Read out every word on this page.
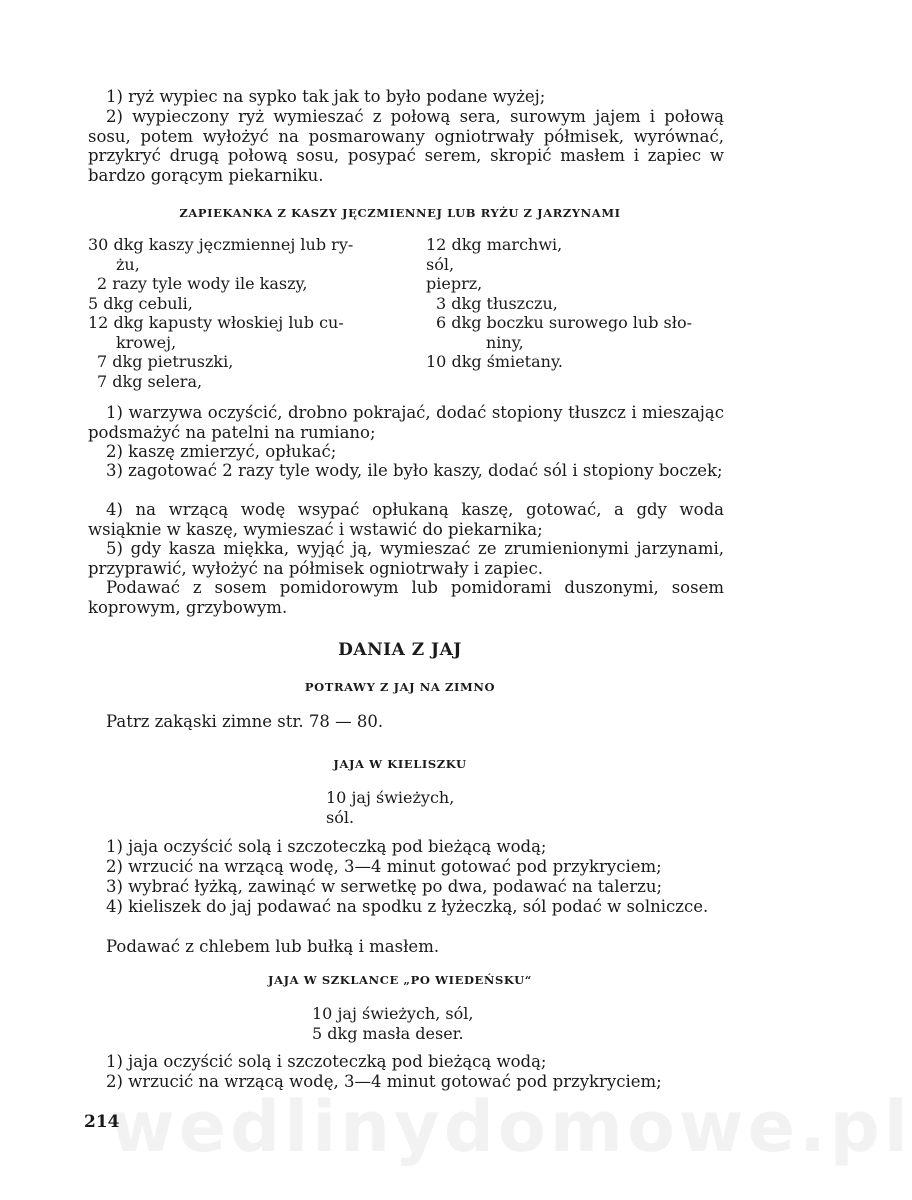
1) ryż wypiec na sypko tak jak to było podane wyżej;

2) wypieczony ryż wymieszać z połową sera, surowym jajem i połową sosu, potem wyłożyć na posmarowany ogniotrwały półmisek, wyrównać, przykryć drugą połową sosu, posypać serem, skropić masłem i zapiec w bardzo gorącym piekarniku.

ZAPIEKANKA Z KASZY JĘCZMIENNEJ LUB RYŻU Z JARZYNAMI
30 dkg kaszy jęczmiennej lub ry-
żu,
2 razy tyle wody ile kaszy,
5 dkg cebuli,
12 dkg kapusty włoskiej lub cu-
krowej,
7 dkg pietruszki,
7 dkg selera,
12 dkg marchwi,
sól,
pieprz,
3 dkg tłuszczu,
6 dkg boczku surowego lub sło-
niny,
10 dkg śmietany.

1) warzywa oczyścić, drobno pokrajać, dodać stopiony tłuszcz i mieszając podsmażyć na patelni na rumiano;

2) kaszę zmierzyć, opłukać;

3) zagotować 2 razy tyle wody, ile było kaszy, dodać sól i stopiony boczek;

4) na wrzącą wodę wsypać opłukaną kaszę, gotować, a gdy woda wsiąknie w kaszę, wymieszać i wstawić do piekarnika;

5) gdy kasza miękka, wyjąć ją, wymieszać ze zrumienionymi jarzynami, przyprawić, wyłożyć na półmisek ogniotrwały i zapiec.

Podawać z sosem pomidorowym lub pomidorami duszonymi, sosem koprowym, grzybowym.

DANIA Z JAJ
POTRAWY Z JAJ NA ZIMNO

Patrz zakąski zimne str. 78 — 80.

JAJA W KIELISZKU
10 jaj świeżych,
sól.

1) jaja oczyścić solą i szczoteczką pod bieżącą wodą;

2) wrzucić na wrzącą wodę, 3—4 minut gotować pod przykryciem;

3) wybrać łyżką, zawinąć w serwetkę po dwa, podawać na talerzu;

4) kieliszek do jaj podawać na spodku z łyżeczką, sól podać w solniczce.

Podawać z chlebem lub bułką i masłem.

JAJA W SZKLANCE „PO WIEDEŃSKU“
10 jaj świeżych, sól,
5 dkg masła deser.

1) jaja oczyścić solą i szczoteczką pod bieżącą wodą;

2) wrzucić na wrzącą wodę, 3—4 minut gotować pod przykryciem;

wedlinydomowe.pl
214
